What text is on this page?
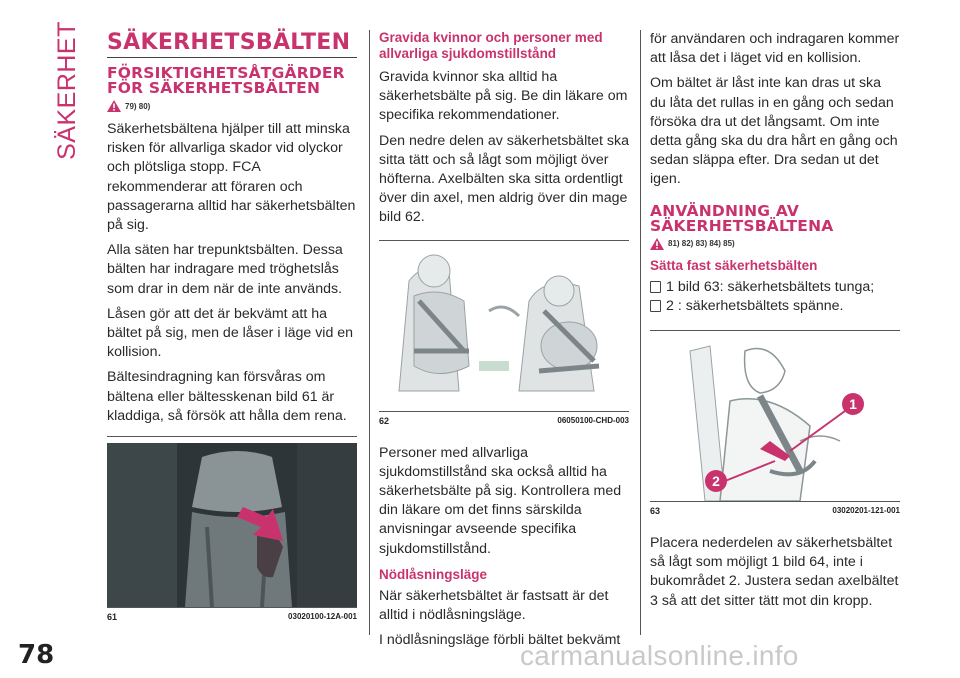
SÄKERHET SÄKERHETSBÄLTEN
FÖRSIKTIGHETSÅTGÄRDER FÖR SÄKERHETSBÄLTEN
79) 80)

Säkerhetsbältena hjälper till att minska risken för allvarliga skador vid olyckor och plötsliga stopp. FCA rekommenderar att föraren och passagerarna alltid har säkerhetsbälten på sig.

Alla säten har trepunktsbälten. Dessa bälten har indragare med tröghetslås som drar in dem när de inte används.

Låsen gör att det är bekvämt att ha bältet på sig, men de låser i läge vid en kollision.

Bältesindragning kan försvåras om bältena eller bältesskenan bild 61 är kladdiga, så försök att hålla dem rena.

61	03020100-12A-001
Gravida kvinnor och personer med allvarliga sjukdomstillstånd

Gravida kvinnor ska alltid ha säkerhetsbälte på sig. Be din läkare om specifika rekommendationer.

Den nedre delen av säkerhetsbältet ska sitta tätt och så lågt som möjligt över höfterna. Axelbälten ska sitta ordentligt över din axel, men aldrig över din mage bild 62.

62	06050100-CHD-003

Personer med allvarliga sjukdomstillstånd ska också alltid ha säkerhetsbälte på sig. Kontrollera med din läkare om det finns särskilda anvisningar avseende specifika sjukdomstillstånd.

Nödlåsningsläge

När säkerhetsbältet är fastsatt är det alltid i nödlåsningsläge.

I nödlåsningsläge förbli bältet bekvämt

för användaren och indragaren kommer att låsa det i läget vid en kollision.

Om bältet är låst inte kan dras ut ska du låta det rullas in en gång och sedan försöka dra ut det långsamt. Om inte detta gång ska du dra hårt en gång och sedan släppa efter. Dra sedan ut det igen.

ANVÄNDNING AV SÄKERHETSBÄLTENA
81) 82) 83) 84) 85)
Sätta fast säkerhetsbälten
1 bild 63: säkerhetsbältets tunga;
2 : säkerhetsbältets spänne.
1
2
63	03020201-121-001

Placera nederdelen av säkerhetsbältet så lågt som möjligt 1 bild 64, inte i bukområdet 2. Justera sedan axelbältet 3 så att det sitter tätt mot din kropp.

78	carmanualsonline.info
